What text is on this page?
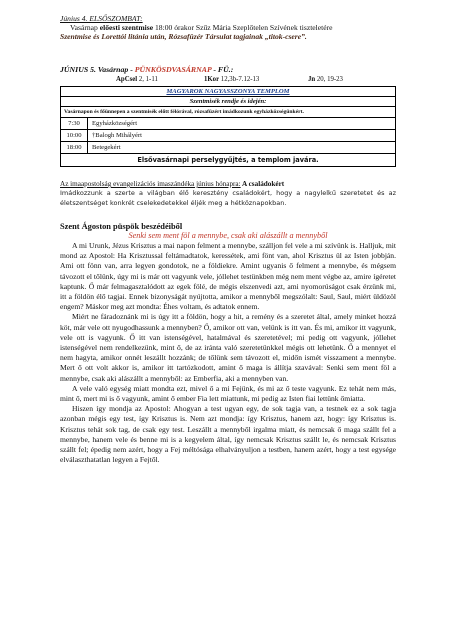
Június 4. ELSŐSZOMBAT:
Vasárnap előesti szentmise 18:00 órakor Szűz Mária Szeplőtelen Szívének tiszteletére
Szentmise és Lorettói litánia után, Rózsafüzér Társulat tagjainak „titok-csere”.
JÚNIUS 5. Vasárnap - PÜNKÖSDVASÁRNAP - FÜ.:
ApCsel 2, 1-11	1Kor 12,3b-7.12-13	Jn 20, 19-23
MAGYAROK NAGYASSZONYA TEMPLOM
Szentmisék rendje és idején:
Vasárnapon és főünnepen a szentmisék előtt félórával, rózsafüzért imádkozunk egyházközségünkért.
7:30	Egyházközségért
10:00	†Balogh Mihályért
18:00	Betegekért
Elsővasárnapi perselygyűjtés, a templom javára.
Az imaapostolság evangelizációs imaszándékа június hónapra: A családokért
Imádkozzunk a szerte a világban élő keresztény családokért, hogy a nagylelkű szeretetet és az életszentséget konkrét cselekedetekkel éljék meg a hétköznapokban.
Szent Ágoston püspök beszédéiből
Senki sem ment föl a mennybe, csak aki alászállt a mennyből

A mi Urunk, Jézus Krisztus a mai napon felment a mennybe, szálljon fel vele a mi szívünk is. Halljuk, mit mond az Apostol: Ha Krisztussal feltámadtatok, keressétek, ami fönt van, ahol Krisztus ül az Isten jobbján. Ami ott fönn van, arra legyen gondotok, ne a földiekre. Amint ugyanis ő felment a mennybe, és mégsem távozott el tőlünk, úgy mi is már ott vagyunk vele, jóllehet testünkben még nem ment végbe az, amire ígéretet kaptunk. Ő már felmagasztalódott az egek fölé, de mégis elszenvedi azt, ami nyomorúságot csak érzünk mi, itt a földön élő tagjai. Ennek bizonyságát nyújtotta, amikor a mennyből megszólalt: Saul, Saul, miért üldözöl engem? Máskor meg azt mondta: Éhes voltam, és adtatok ennem.

Miért ne fáradoznánk mi is úgy itt a földön, hogy a hit, a remény és a szeretet által, amely minket hozzá köt, már vele ott nyugodhassunk a mennyben? Ő, amikor ott van, velünk is itt van. És mi, amikor itt vagyunk, vele ott is vagyunk. Ő itt van istenségével, hatalmával és szeretetével; mi pedig ott vagyunk, jóllehet istenségével nem rendelkezünk, mint ő, de az iránta való szeretetünkkel mégis ott lehetünk. Ő a mennyet el nem hagyta, amikor onnét leszállt hozzánk; de tőlünk sem távozott el, midőn ismét visszament a mennybe. Mert ő ott volt akkor is, amikor itt tartózkodott, amint ő maga is állítja szavával: Senki sem ment föl a mennybe, csak aki alászállt a mennyből: az Emberfia, aki a mennyben van.

A vele való egység miatt mondta ezt, mivel ő a mi Fejünk, és mi az ő teste vagyunk. Ez tehát nem más, mint ő, mert mi is ő vagyunk, amint ő ember Fia lett miattunk, mi pedig az Isten fiai lettünk őmiatta.

Hiszen így mondja az Apostol: Ahogyan a test ugyan egy, de sok tagja van, a testnek ez a sok tagja azonban mégis egy test, így Krisztus is. Nem azt mondja: így Krisztus, hanem azt, hogy: így Krisztus is. Krisztus tehát sok tag, de csak egy test. Leszállt a mennyből irgalma miatt, és nemcsak ő maga szállt fel a mennybe, hanem vele és benne mi is a kegyelem által, így nemcsak Krisztus szállt le, és nemcsak Krisztus szállt fel; épedig nem azért, hogy a Fej méltósága elhalványuljon a testben, hanem azért, hogy a test egysége elválaszthatatlan legyen a Fejtől.
